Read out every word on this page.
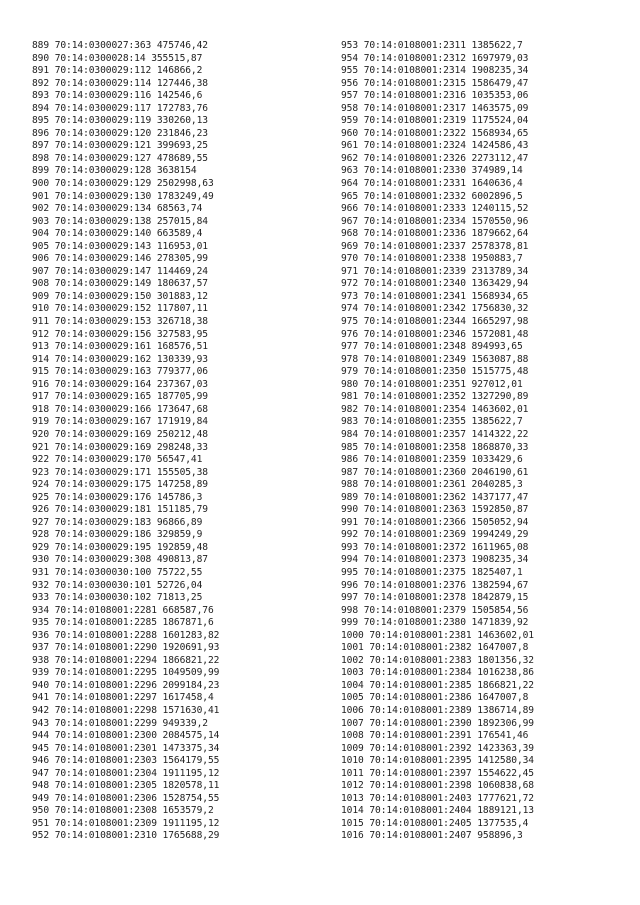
889 70:14:0300027:363 475746,42
890 70:14:0300028:14 355515,87
891 70:14:0300029:112 146866,2
892 70:14:0300029:114 127446,38
893 70:14:0300029:116 142546,6
894 70:14:0300029:117 172783,76
895 70:14:0300029:119 330260,13
896 70:14:0300029:120 231846,23
897 70:14:0300029:121 399693,25
898 70:14:0300029:127 478689,55
899 70:14:0300029:128 3638154
900 70:14:0300029:129 2502998,63
901 70:14:0300029:130 1783249,49
902 70:14:0300029:134 68563,74
903 70:14:0300029:138 257015,84
904 70:14:0300029:140 663589,4
905 70:14:0300029:143 116953,01
906 70:14:0300029:146 278305,99
907 70:14:0300029:147 114469,24
908 70:14:0300029:149 180637,57
909 70:14:0300029:150 301883,12
910 70:14:0300029:152 117807,11
911 70:14:0300029:153 326718,38
912 70:14:0300029:156 327583,95
913 70:14:0300029:161 168576,51
914 70:14:0300029:162 130339,93
915 70:14:0300029:163 779377,06
916 70:14:0300029:164 237367,03
917 70:14:0300029:165 187705,99
918 70:14:0300029:166 173647,68
919 70:14:0300029:167 171919,84
920 70:14:0300029:169 250212,48
921 70:14:0300029:169 298248,33
922 70:14:0300029:170 56547,41
923 70:14:0300029:171 155505,38
924 70:14:0300029:175 147258,89
925 70:14:0300029:176 145786,3
926 70:14:0300029:181 151185,79
927 70:14:0300029:183 96866,89
928 70:14:0300029:186 329859,9
929 70:14:0300029:195 192859,48
930 70:14:0300029:308 490813,87
931 70:14:0300030:100 75722,55
932 70:14:0300030:101 52726,04
933 70:14:0300030:102 71813,25
934 70:14:0108001:2281 668587,76
935 70:14:0108001:2285 1867871,6
936 70:14:0108001:2288 1601283,82
937 70:14:0108001:2290 1920691,93
938 70:14:0108001:2294 1866821,22
939 70:14:0108001:2295 1049509,99
940 70:14:0108001:2296 2099184,23
941 70:14:0108001:2297 1617458,4
942 70:14:0108001:2298 1571630,41
943 70:14:0108001:2299 949339,2
944 70:14:0108001:2300 2084575,14
945 70:14:0108001:2301 1473375,34
946 70:14:0108001:2303 1564179,55
947 70:14:0108001:2304 1911195,12
948 70:14:0108001:2305 1820578,11
949 70:14:0108001:2306 1528754,55
950 70:14:0108001:2308 1653579,2
951 70:14:0108001:2309 1911195,12
952 70:14:0108001:2310 1765688,29
953 70:14:0108001:2311 1385622,7
954 70:14:0108001:2312 1697979,03
955 70:14:0108001:2314 1908235,34
956 70:14:0108001:2315 1586479,47
957 70:14:0108001:2316 1035353,06
958 70:14:0108001:2317 1463575,09
959 70:14:0108001:2319 1175524,04
960 70:14:0108001:2322 1568934,65
961 70:14:0108001:2324 1424586,43
962 70:14:0108001:2326 2273112,47
963 70:14:0108001:2330 374989,14
964 70:14:0108001:2331 1640636,4
965 70:14:0108001:2332 6002896,5
966 70:14:0108001:2333 1240115,52
967 70:14:0108001:2334 1570550,96
968 70:14:0108001:2336 1879662,64
969 70:14:0108001:2337 2578378,81
970 70:14:0108001:2338 1950883,7
971 70:14:0108001:2339 2313789,34
972 70:14:0108001:2340 1363429,94
973 70:14:0108001:2341 1568934,65
974 70:14:0108001:2342 1756830,32
975 70:14:0108001:2344 1665297,98
976 70:14:0108001:2346 1572081,48
977 70:14:0108001:2348 894993,65
978 70:14:0108001:2349 1563087,88
979 70:14:0108001:2350 1515775,48
980 70:14:0108001:2351 927012,01
981 70:14:0108001:2352 1327290,89
982 70:14:0108001:2354 1463602,01
983 70:14:0108001:2355 1385622,7
984 70:14:0108001:2357 1414322,22
985 70:14:0108001:2358 1868870,33
986 70:14:0108001:2359 1033429,6
987 70:14:0108001:2360 2046190,61
988 70:14:0108001:2361 2040285,3
989 70:14:0108001:2362 1437177,47
990 70:14:0108001:2363 1592850,87
991 70:14:0108001:2366 1505052,94
992 70:14:0108001:2369 1994249,29
993 70:14:0108001:2372 1611965,08
994 70:14:0108001:2373 1908235,34
995 70:14:0108001:2375 1825407,1
996 70:14:0108001:2376 1382594,67
997 70:14:0108001:2378 1842879,15
998 70:14:0108001:2379 1505854,56
999 70:14:0108001:2380 1471839,92
1000 70:14:0108001:2381 1463602,01
1001 70:14:0108001:2382 1647007,8
1002 70:14:0108001:2383 1801356,32
1003 70:14:0108001:2384 1016238,86
1004 70:14:0108001:2385 1866821,22
1005 70:14:0108001:2386 1647007,8
1006 70:14:0108001:2389 1386714,89
1007 70:14:0108001:2390 1892306,99
1008 70:14:0108001:2391 176541,46
1009 70:14:0108001:2392 1423363,39
1010 70:14:0108001:2395 1412580,34
1011 70:14:0108001:2397 1554622,45
1012 70:14:0108001:2398 1060838,68
1013 70:14:0108001:2403 1777621,72
1014 70:14:0108001:2404 1889121,13
1015 70:14:0108001:2405 1377535,4
1016 70:14:0108001:2407 958896,3
